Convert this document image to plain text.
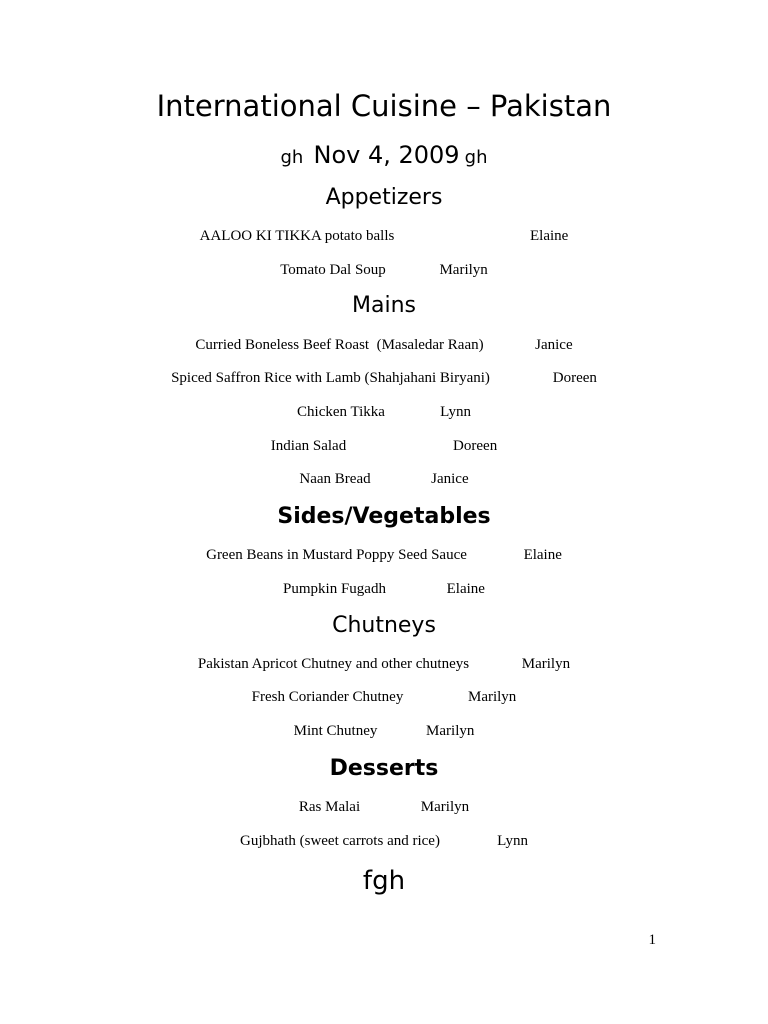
International Cuisine – Pakistan
gh Nov 4, 2009 gh
Appetizers
AALOO KI TIKKA potato balls	Elaine
Tomato Dal Soup	Marilyn
Mains
Curried Boneless Beef Roast  (Masaledar Raan)	Janice
Spiced Saffron Rice with Lamb (Shahjahani Biryani)	Doreen
Chicken Tikka	Lynn
Indian Salad	Doreen
Naan Bread	Janice
Sides/Vegetables
Green Beans in Mustard Poppy Seed Sauce	Elaine
Pumpkin Fugadh	Elaine
Chutneys
Pakistan Apricot Chutney and other chutneys	Marilyn
Fresh Coriander Chutney	Marilyn
Mint Chutney	Marilyn
Desserts
Ras Malai	Marilyn
Gujbhath (sweet carrots and rice)	Lynn
fgh
1
